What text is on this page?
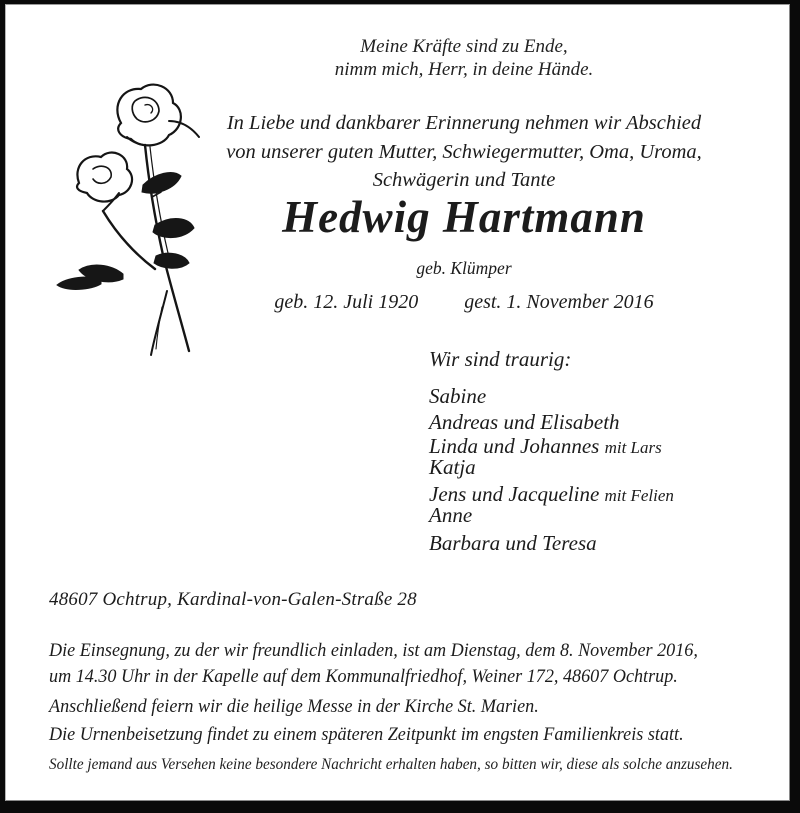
Meine Kräfte sind zu Ende,
nimm mich, Herr, in deine Hände.
In Liebe und dankbarer Erinnerung nehmen wir Abschied
von unserer guten Mutter, Schwiegermutter, Oma, Uroma,
Schwägerin und Tante
Hedwig Hartmann
geb. Klümper
geb. 12. Juli 1920 gest. 1. November 2016
Wir sind traurig:
Sabine
Andreas und Elisabeth
Linda und Johannes mit Lars
Katja
Jens und Jacqueline mit Felien
Anne
Barbara und Teresa
48607 Ochtrup, Kardinal-von-Galen-Straße 28
Die Einsegnung, zu der wir freundlich einladen, ist am Dienstag, dem 8. November 2016,
um 14.30 Uhr in der Kapelle auf dem Kommunalfriedhof, Weiner 172, 48607 Ochtrup.
Anschließend feiern wir die heilige Messe in der Kirche St. Marien.
Die Urnenbeisetzung findet zu einem späteren Zeitpunkt im engsten Familienkreis statt.
Sollte jemand aus Versehen keine besondere Nachricht erhalten haben, so bitten wir, diese als solche anzusehen.
